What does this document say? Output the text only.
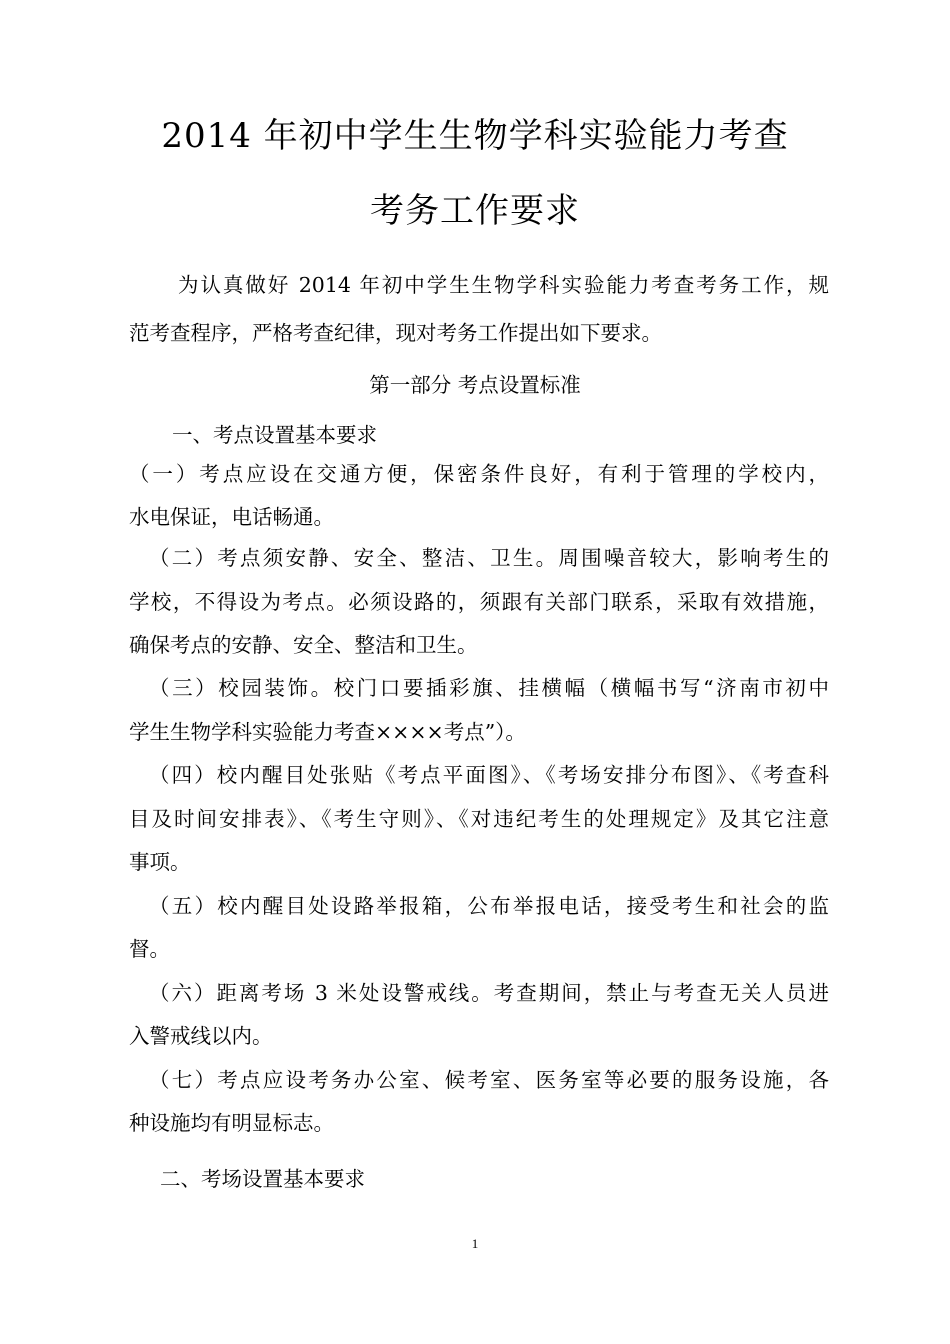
2014 年初中学生生物学科实验能力考查
考务工作要求
为认真做好 2014 年初中学生生物学科实验能力考查考务工作，规
范考查程序，严格考查纪律，现对考务工作提出如下要求。
第一部分 考点设置标准
一、考点设置基本要求
（一）考点应设在交通方便，保密条件良好，有利于管理的学校内，
水电保证，电话畅通。
（二）考点须安静、安全、整洁、卫生。周围噪音较大，影响考生的
学校，不得设为考点。必须设路的，须跟有关部门联系，采取有效措施，
确保考点的安静、安全、整洁和卫生。
（三）校园装饰。校门口要插彩旗、挂横幅（横幅书写“济南市初中
学生生物学科实验能力考查××××考点”）。
（四）校内醒目处张贴《考点平面图》、《考场安排分布图》、《考查科
目及时间安排表》、《考生守则》、《对违纪考生的处理规定》及其它注意
事项。
（五）校内醒目处设路举报箱，公布举报电话，接受考生和社会的监
督。
（六）距离考场 3 米处设警戒线。考查期间，禁止与考查无关人员进
入警戒线以内。
（七）考点应设考务办公室、候考室、医务室等必要的服务设施，各
种设施均有明显标志。
二、考场设置基本要求
1
